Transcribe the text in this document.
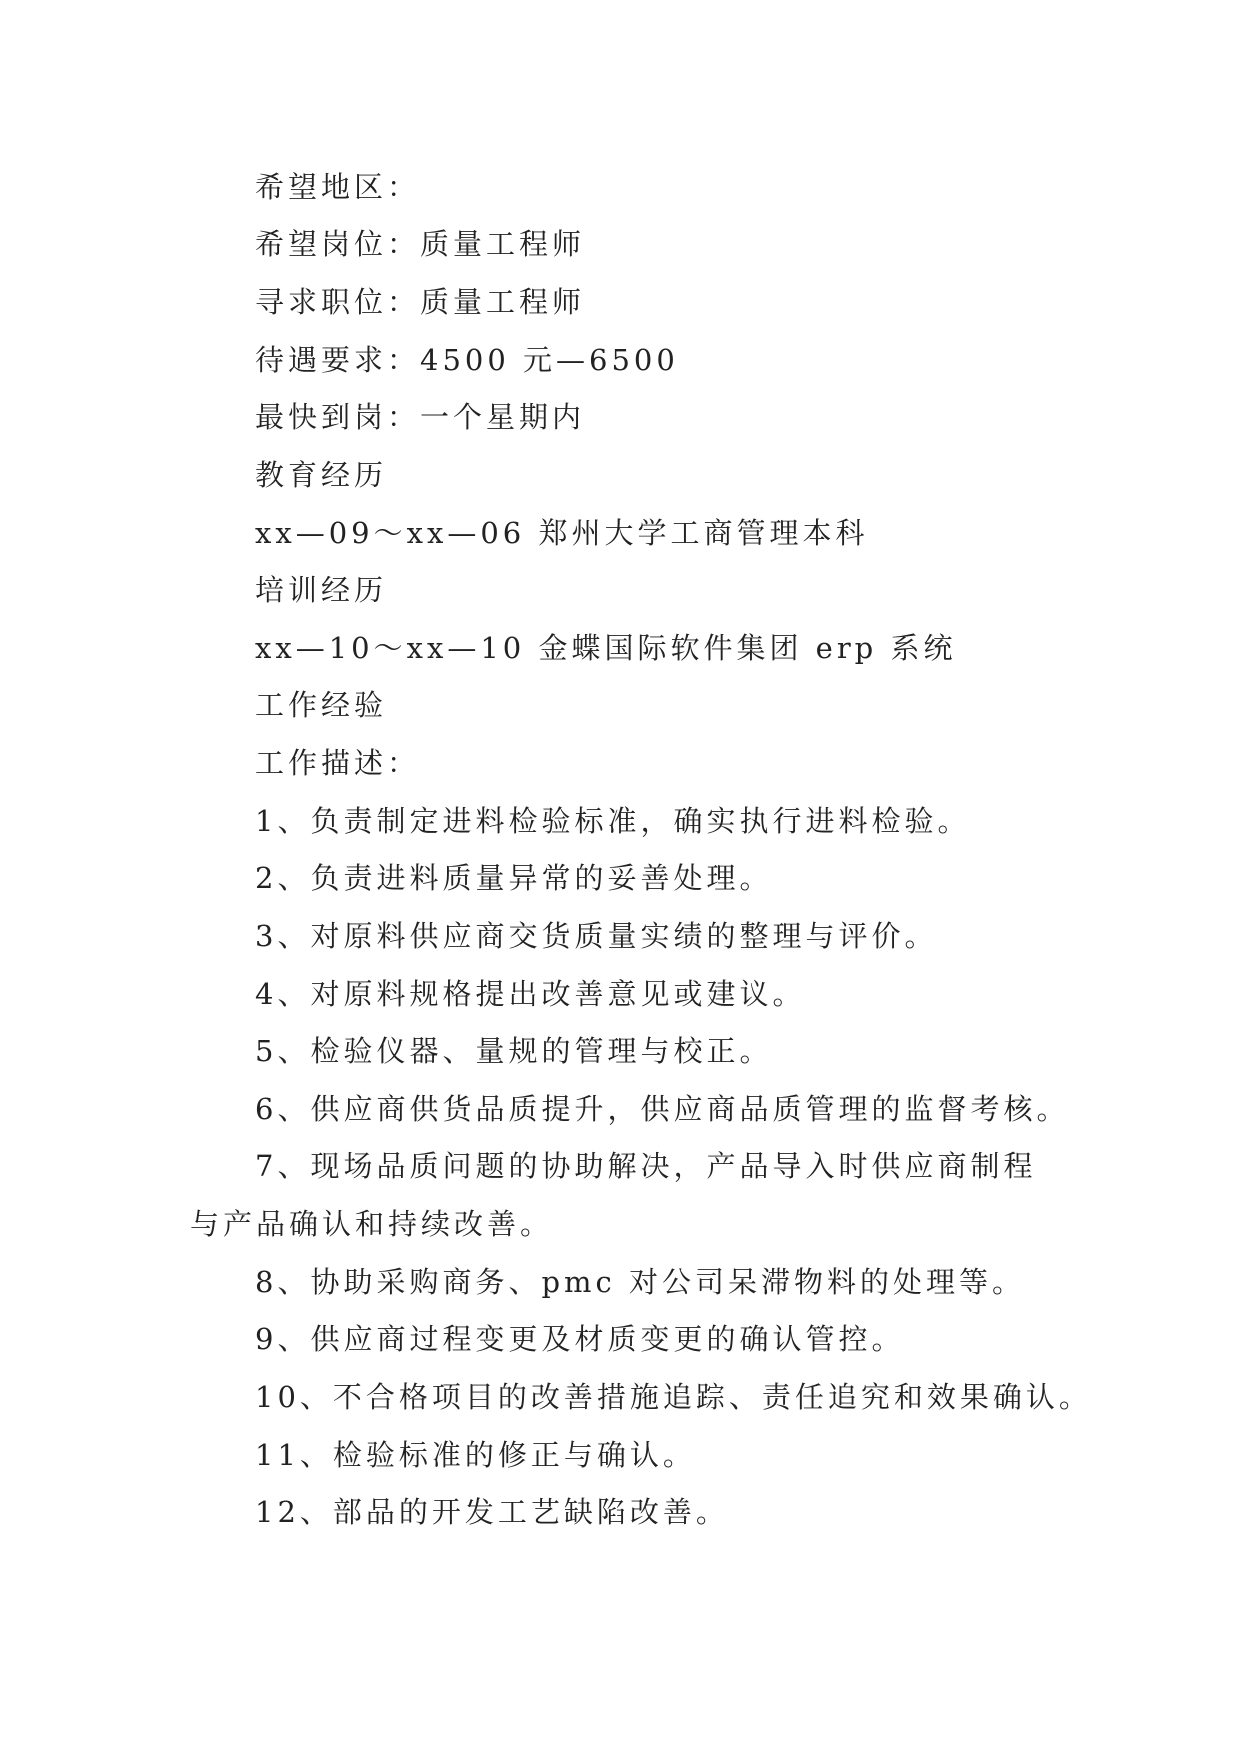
希望地区：
希望岗位：质量工程师
寻求职位：质量工程师
待遇要求：4500 元—6500
最快到岗：一个星期内
教育经历
xx—09～xx—06 郑州大学工商管理本科
培训经历
xx—10～xx—10 金蝶国际软件集团 erp 系统
工作经验
工作描述：
1、负责制定进料检验标准，确实执行进料检验。
2、负责进料质量异常的妥善处理。
3、对原料供应商交货质量实绩的整理与评价。
4、对原料规格提出改善意见或建议。
5、检验仪器、量规的管理与校正。
6、供应商供货品质提升，供应商品质管理的监督考核。
7、现场品质问题的协助解决，产品导入时供应商制程
与产品确认和持续改善。
8、协助采购商务、pmc 对公司呆滞物料的处理等。
9、供应商过程变更及材质变更的确认管控。
10、不合格项目的改善措施追踪、责任追究和效果确认。
11、检验标准的修正与确认。
12、部品的开发工艺缺陷改善。
